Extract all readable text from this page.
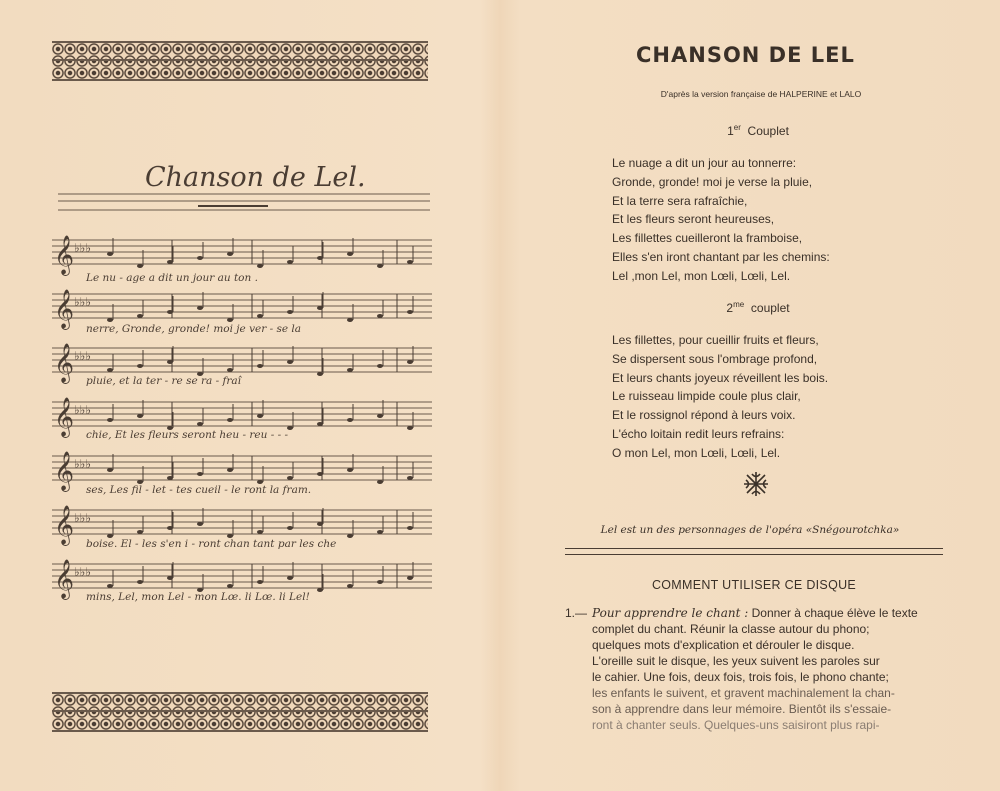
Chanson de Lel.
𝄞 ♭♭♭
𝄞 ♭♭♭
𝄞 ♭♭♭
𝄞 ♭♭♭
𝄞 ♭♭♭
𝄞 ♭♭♭
𝄞 ♭♭♭
Le nu - age a dit un jour au ton .
nerre, Gronde, gronde! moi je ver - se la
pluie, et la ter - re se ra - fraî
chie, Et les fleurs seront heu - reu - - -
ses, Les fil - let - tes cueil - le ront la fram.
boise. El - les s'en i - ront chan tant par les che
mins, Lel, mon Lel - mon Lœ. li Lœ. li Lel!
CHANSON DE LEL
D'après la version française de HALPERINE et LALO
1er Couplet
Le nuage a dit un jour au tonnerre:
Gronde, gronde! moi je verse la pluie,
Et la terre sera rafraîchie,
Et les fleurs seront heureuses,
Les fillettes cueilleront la framboise,
Elles s'en iront chantant par les chemins:
Lel ,mon Lel, mon Lœli, Lœli, Lel.
$2^{me}$ couplet
Les fillettes, pour cueillir fruits et fleurs,
Se dispersent sous l'ombrage profond,
Et leurs chants joyeux réveillent les bois.
Le ruisseau limpide coule plus clair,
Et le rossignol répond à leurs voix.
L'écho loitain redit leurs refrains:
O mon Lel, mon Lœli, Lœli, Lel.
Lel est un des personnages de l'opéra «Snégourotchka»
COMMENT UTILISER CE DISQUE
1.— Pour apprendre le chant : Donner à chaque élève le texte
complet du chant. Réunir la classe autour du phono;
quelques mots d'explication et dérouler le disque.
L'oreille suit le disque, les yeux suivent les paroles sur
le cahier. Une fois, deux fois, trois fois, le phono chante;
les enfants le suivent, et gravent machinalement la chan-
son à apprendre dans leur mémoire. Bientôt ils s'essaie-
ront à chanter seuls. Quelques-uns saisiront plus rapi-
